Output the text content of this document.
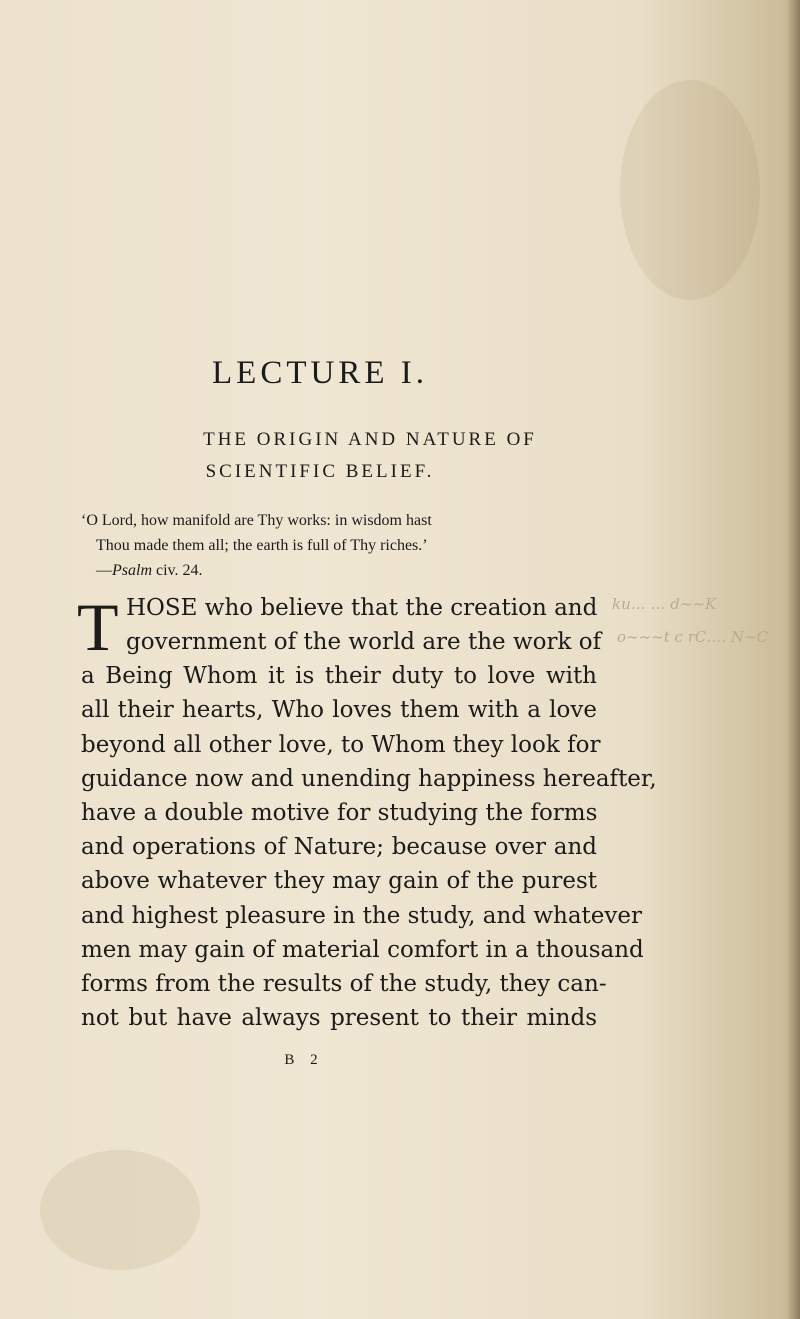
LECTURE I.
THE ORIGIN AND NATURE OF
SCIENTIFIC BELIEF.
‘O Lord, how manifold are Thy works: in wisdom hast
Thou made them all; the earth is full of Thy riches.’
—Psalm civ. 24.
T HOSE who believe that the creation and
government of the world are the work of
a Being Whom it is their duty to love with
all their hearts, Who loves them with a love
beyond all other love, to Whom they look for
guidance now and unending happiness hereafter,
have a double motive for studying the forms
and operations of Nature; because over and
above whatever they may gain of the purest
and highest pleasure in the study, and whatever
men may gain of material comfort in a thousand
forms from the results of the study, they can-
not but have always present to their minds
B 2
ku… … d~~K
o~~~t c rC…. N~C
